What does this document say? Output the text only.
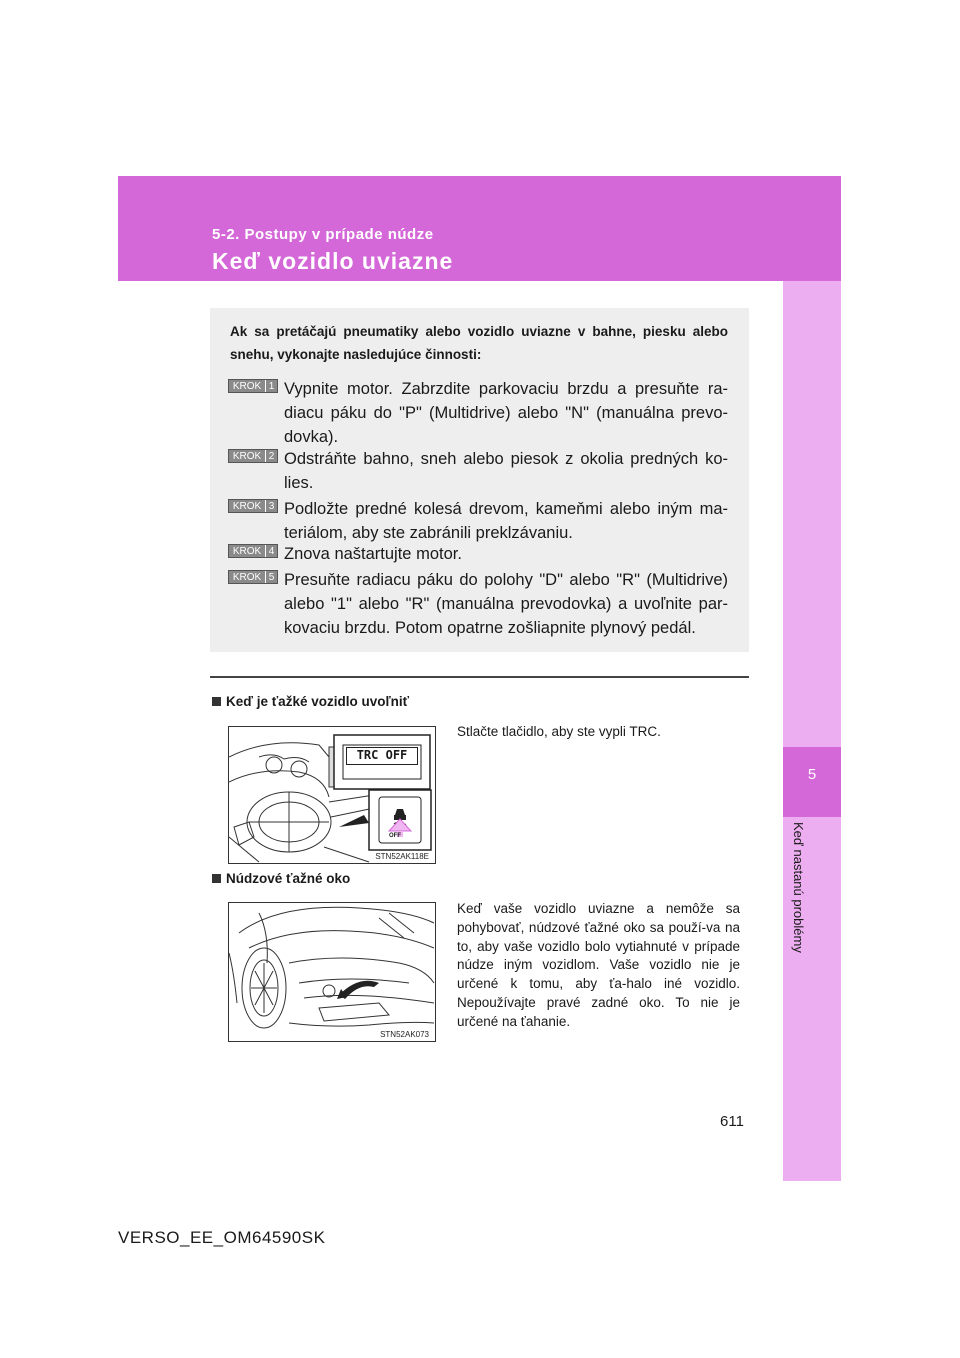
5-2. Postupy v prípade núdze
Keď vozidlo uviazne
5
Keď nastanú problémy
Ak sa pretáčajú pneumatiky alebo vozidlo uviazne v bahne, piesku alebo snehu, vykonajte nasledujúce činnosti:
KROK 1 Vypnite motor. Zabrzdite parkovaciu brzdu a presuňte ra-diacu páku do "P" (Multidrive) alebo "N" (manuálna prevo-dovka).
KROK 2 Odstráňte bahno, sneh alebo piesok z okolia predných ko-lies.
KROK 3 Podložte predné kolesá drevom, kameňmi alebo iným ma-teriálom, aby ste zabránili preklzávaniu.
KROK 4 Znova naštartujte motor.
KROK 5 Presuňte radiacu páku do polohy "D" alebo "R" (Multidrive) alebo "1" alebo "R" (manuálna prevodovka) a uvoľnite par-kovaciu brzdu. Potom opatrne zošliapnite plynový pedál.
Keď je ťažké vozidlo uvoľniť
TRC OFF
OFF
STN52AK118E
Stlačte tlačidlo, aby ste vypli TRC.
Núdzové ťažné oko
STN52AK073
Keď vaše vozidlo uviazne a nemôže sa pohybovať, núdzové ťažné oko sa použí-va na to, aby vaše vozidlo bolo vytiahnuté v prípade núdze iným vozidlom. Vaše vozidlo nie je určené k tomu, aby ťa-halo iné vozidlo. Nepoužívajte pravé zadné oko. To nie je určené na ťahanie.
611
VERSO_EE_OM64590SK
